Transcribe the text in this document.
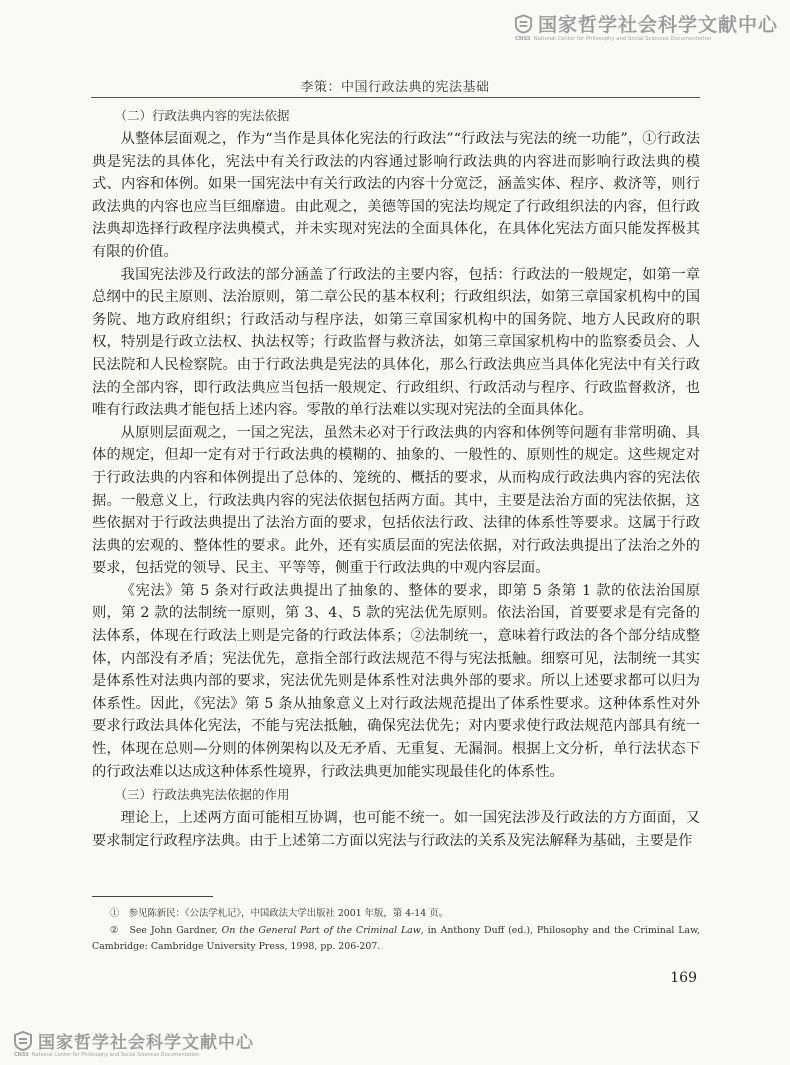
国家哲学社会科学文献中心
CNSS National Center for Philosophy and Social Sciences Documentation
李策：中国行政法典的宪法基础

（二）行政法典内容的宪法依据

从整体层面观之，作为“当作是具体化宪法的行政法”“行政法与宪法的统一功能”，①行政法典是宪法的具体化，宪法中有关行政法的内容通过影响行政法典的内容进而影响行政法典的模式、内容和体例。如果一国宪法中有关行政法的内容十分宽泛，涵盖实体、程序、救济等，则行政法典的内容也应当巨细靡遗。由此观之，美德等国的宪法均规定了行政组织法的内容，但行政法典却选择行政程序法典模式，并未实现对宪法的全面具体化，在具体化宪法方面只能发挥极其有限的价值。

我国宪法涉及行政法的部分涵盖了行政法的主要内容，包括：行政法的一般规定，如第一章总纲中的民主原则、法治原则，第二章公民的基本权利；行政组织法，如第三章国家机构中的国务院、地方政府组织；行政活动与程序法，如第三章国家机构中的国务院、地方人民政府的职权，特别是行政立法权、执法权等；行政监督与救济法，如第三章国家机构中的监察委员会、人民法院和人民检察院。由于行政法典是宪法的具体化，那么行政法典应当具体化宪法中有关行政法的全部内容，即行政法典应当包括一般规定、行政组织、行政活动与程序、行政监督救济，也唯有行政法典才能包括上述内容。零散的单行法难以实现对宪法的全面具体化。

从原则层面观之，一国之宪法，虽然未必对于行政法典的内容和体例等问题有非常明确、具体的规定，但却一定有对于行政法典的模糊的、抽象的、一般性的、原则性的规定。这些规定对于行政法典的内容和体例提出了总体的、笼统的、概括的要求，从而构成行政法典内容的宪法依据。一般意义上，行政法典内容的宪法依据包括两方面。其中，主要是法治方面的宪法依据，这些依据对于行政法典提出了法治方面的要求，包括依法行政、法律的体系性等要求。这属于行政法典的宏观的、整体性的要求。此外，还有实质层面的宪法依据，对行政法典提出了法治之外的要求，包括党的领导、民主、平等等，侧重于行政法典的中观内容层面。

《宪法》第 5 条对行政法典提出了抽象的、整体的要求，即第 5 条第 1 款的依法治国原则，第 2 款的法制统一原则，第 3、4、5 款的宪法优先原则。依法治国，首要要求是有完备的法体系，体现在行政法上则是完备的行政法体系；②法制统一，意味着行政法的各个部分结成整体，内部没有矛盾；宪法优先，意指全部行政法规范不得与宪法抵触。细察可见，法制统一其实是体系性对法典内部的要求，宪法优先则是体系性对法典外部的要求。所以上述要求都可以归为体系性。因此，《宪法》第 5 条从抽象意义上对行政法规范提出了体系性要求。这种体系性对外要求行政法具体化宪法，不能与宪法抵触，确保宪法优先；对内要求使行政法规范内部具有统一性，体现在总则—分则的体例架构以及无矛盾、无重复、无漏洞。根据上文分析，单行法状态下的行政法难以达成这种体系性境界，行政法典更加能实现最佳化的体系性。

（三）行政法典宪法依据的作用

理论上，上述两方面可能相互协调，也可能不统一。如一国宪法涉及行政法的方方面面，又要求制定行政程序法典。由于上述第二方面以宪法与行政法的关系及宪法解释为基础，主要是作

①　参见陈新民：《公法学札记》，中国政法大学出版社 2001 年版，第 4-14 页。

②　See John Gardner, On the General Part of the Criminal Law, in Anthony Duff (ed.), Philosophy and the Criminal Law, Cambridge: Cambridge University Press, 1998, pp. 206-207.

169
国家哲学社会科学文献中心
CNSS National Center for Philosophy and Social Sciences Documentation
